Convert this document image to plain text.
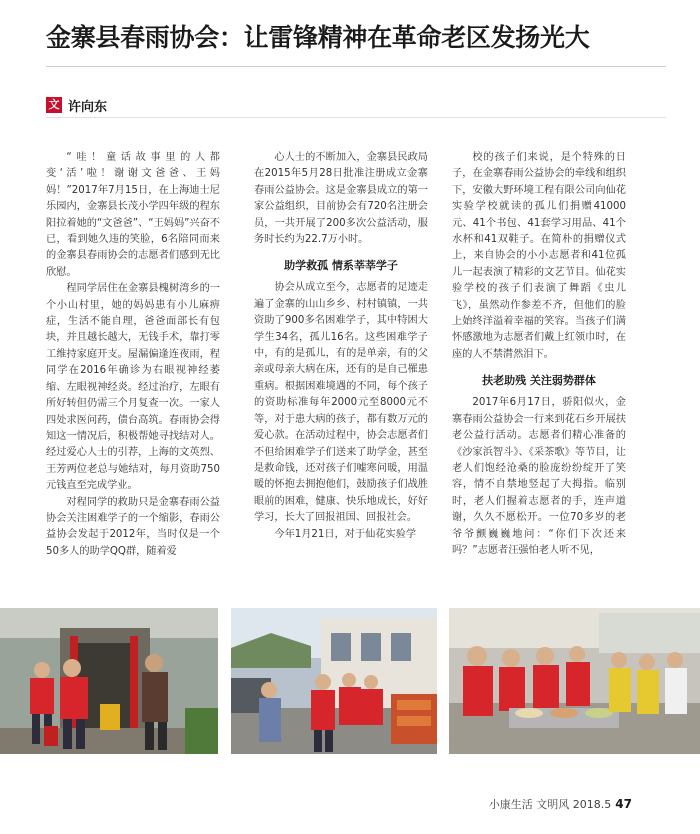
金寨县春雨协会：让雷锋精神在革命老区发扬光大
文 许向东

“哇！童话故事里的人都变‘活’啦！谢谢文爸爸、王妈妈！”2017年7月15日，在上海迪士尼乐园内，金寨县长茂小学四年级的程东阳拉着她的“文爸爸”、“王妈妈”兴奋不已，看到她久违的笑脸，6名陪同而来的金寨县春雨协会的志愿者们感到无比欣慰。

程同学居住在金寨县槐树湾乡的一个小山村里，她的妈妈患有小儿麻痹症，生活不能自理，爸爸面部长有包块，并且越长越大，无钱手术，靠打零工维持家庭开支。屋漏偏逢连夜雨，程同学在2016年确诊为右眼视神经萎缩、左眼视神经炎。经过治疗，左眼有所好转但仍需三个月复查一次。一家人四处求医问药，债台高筑。春雨协会得知这一情况后，积极帮她寻找结对人。经过爱心人士的引荐，上海的文英烈、王芳两位老总与她结对，每月资助750元钱直至完成学业。

对程同学的救助只是金寨春雨公益协会关注困难学子的一个缩影，春雨公益协会发起于2012年，当时仅是一个50多人的助学QQ群，随着爱

心人士的不断加入，金寨县民政局在2015年5月28日批准注册成立金寨春雨公益协会。这是金寨县成立的第一家公益组织，目前协会有720名注册会员，一共开展了200多次公益活动，服务时长约为22.7万小时。

助学救孤 情系莘莘学子

协会从成立至今，志愿者的足迹走遍了金寨的山山乡乡、村村镇镇，一共资助了900多名困难学子，其中特困大学生34名，孤儿16名。这些困难学子中，有的是孤儿，有的是单亲，有的父亲或母亲大病在床，还有的是自己罹患重病。根据困难境遇的不同，每个孩子的资助标准每年2000元至8000元不等，对于患大病的孩子，都有数万元的爱心款。在活动过程中，协会志愿者们不但给困难学子们送来了助学金，甚至是救命钱，还对孩子们嘘寒问暖，用温暖的怀抱去拥抱他们，鼓励孩子们战胜眼前的困难，健康、快乐地成长，好好学习，长大了回报祖国、回报社会。

今年1月21日，对于仙花实验学

校的孩子们来说，是个特殊的日子，在金寨春雨公益协会的牵线和组织下，安徽大野环境工程有限公司向仙花实验学校就读的孤儿们捐赠41000元、41个书包、41套学习用品、41个水杯和41双鞋子。在简朴的捐赠仪式上，来自协会的小小志愿者和41位孤儿一起表演了精彩的文艺节目。仙花实验学校的孩子们表演了舞蹈《虫儿飞》，虽然动作参差不齐，但他们的脸上始终洋溢着幸福的笑容。当孩子们满怀感激地为志愿者们戴上红领巾时，在座的人不禁潸然泪下。

扶老助残 关注弱势群体

2017年6月17日，骄阳似火，金寨春雨公益协会一行来到花石乡开展扶老公益行活动。志愿者们精心准备的《沙家浜智斗》、《采茶歌》等节目，让老人们饱经沧桑的脸庞纷纷绽开了笑容，情不自禁地竖起了大拇指。临别时，老人们握着志愿者的手，连声道谢，久久不愿松开。一位70多岁的老爷爷颤巍巍地问：“你们下次还来吗？”志愿者汪强怕老人听不见，

小康生活 文明风 2018.5 47
